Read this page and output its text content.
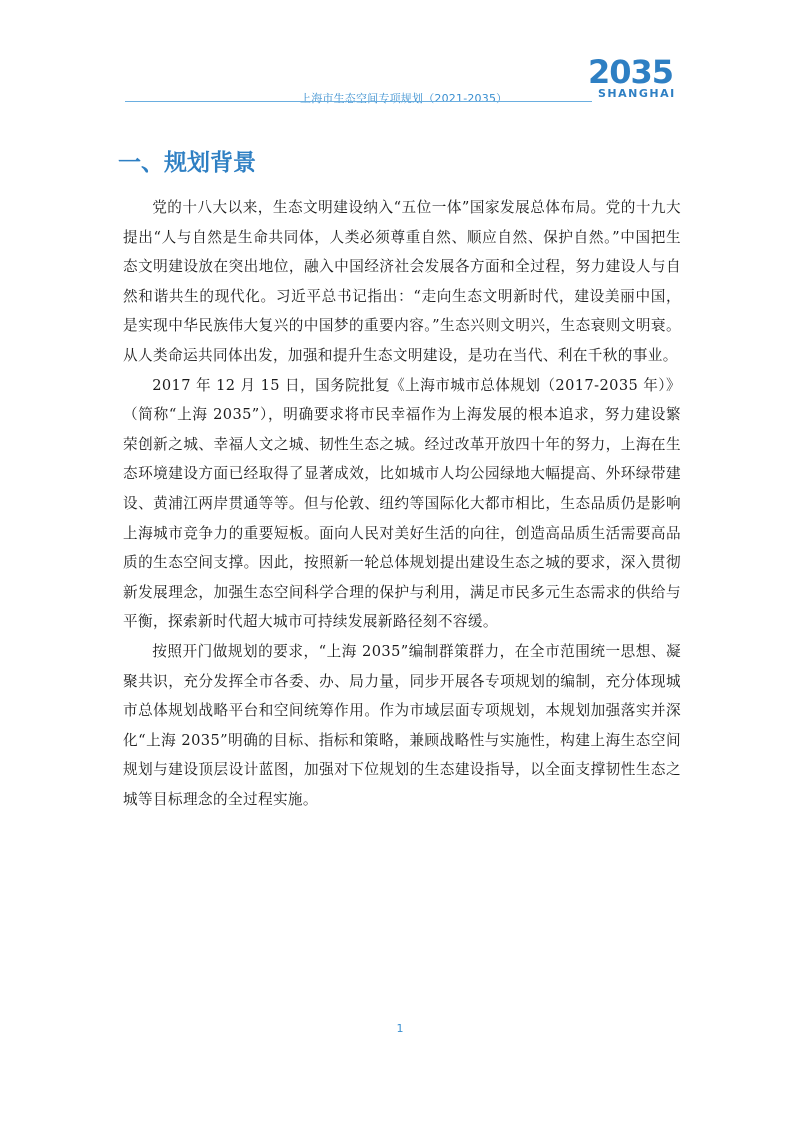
上海市生态空间专项规划（2021-2035）
2035
SHANGHAI
一、规划背景

党的十八大以来，生态文明建设纳入“五位一体”国家发展总体布局。党的十九大提出“人与自然是生命共同体，人类必须尊重自然、顺应自然、保护自然。”中国把生态文明建设放在突出地位，融入中国经济社会发展各方面和全过程，努力建设人与自然和谐共生的现代化。习近平总书记指出：“走向生态文明新时代，建设美丽中国，是实现中华民族伟大复兴的中国梦的重要内容。”生态兴则文明兴，生态衰则文明衰。从人类命运共同体出发，加强和提升生态文明建设，是功在当代、利在千秋的事业。

2017 年 12 月 15 日，国务院批复《上海市城市总体规划（2017-2035 年）》（简称“上海 2035”），明确要求将市民幸福作为上海发展的根本追求，努力建设繁荣创新之城、幸福人文之城、韧性生态之城。经过改革开放四十年的努力，上海在生态环境建设方面已经取得了显著成效，比如城市人均公园绿地大幅提高、外环绿带建设、黄浦江两岸贯通等等。但与伦敦、纽约等国际化大都市相比，生态品质仍是影响上海城市竞争力的重要短板。面向人民对美好生活的向往，创造高品质生活需要高品质的生态空间支撑。因此，按照新一轮总体规划提出建设生态之城的要求，深入贯彻新发展理念，加强生态空间科学合理的保护与利用，满足市民多元生态需求的供给与平衡，探索新时代超大城市可持续发展新路径刻不容缓。

按照开门做规划的要求，“上海 2035”编制群策群力，在全市范围统一思想、凝聚共识，充分发挥全市各委、办、局力量，同步开展各专项规划的编制，充分体现城市总体规划战略平台和空间统筹作用。作为市域层面专项规划，本规划加强落实并深化“上海 2035”明确的目标、指标和策略，兼顾战略性与实施性，构建上海生态空间规划与建设顶层设计蓝图，加强对下位规划的生态建设指导，以全面支撑韧性生态之城等目标理念的全过程实施。

1
